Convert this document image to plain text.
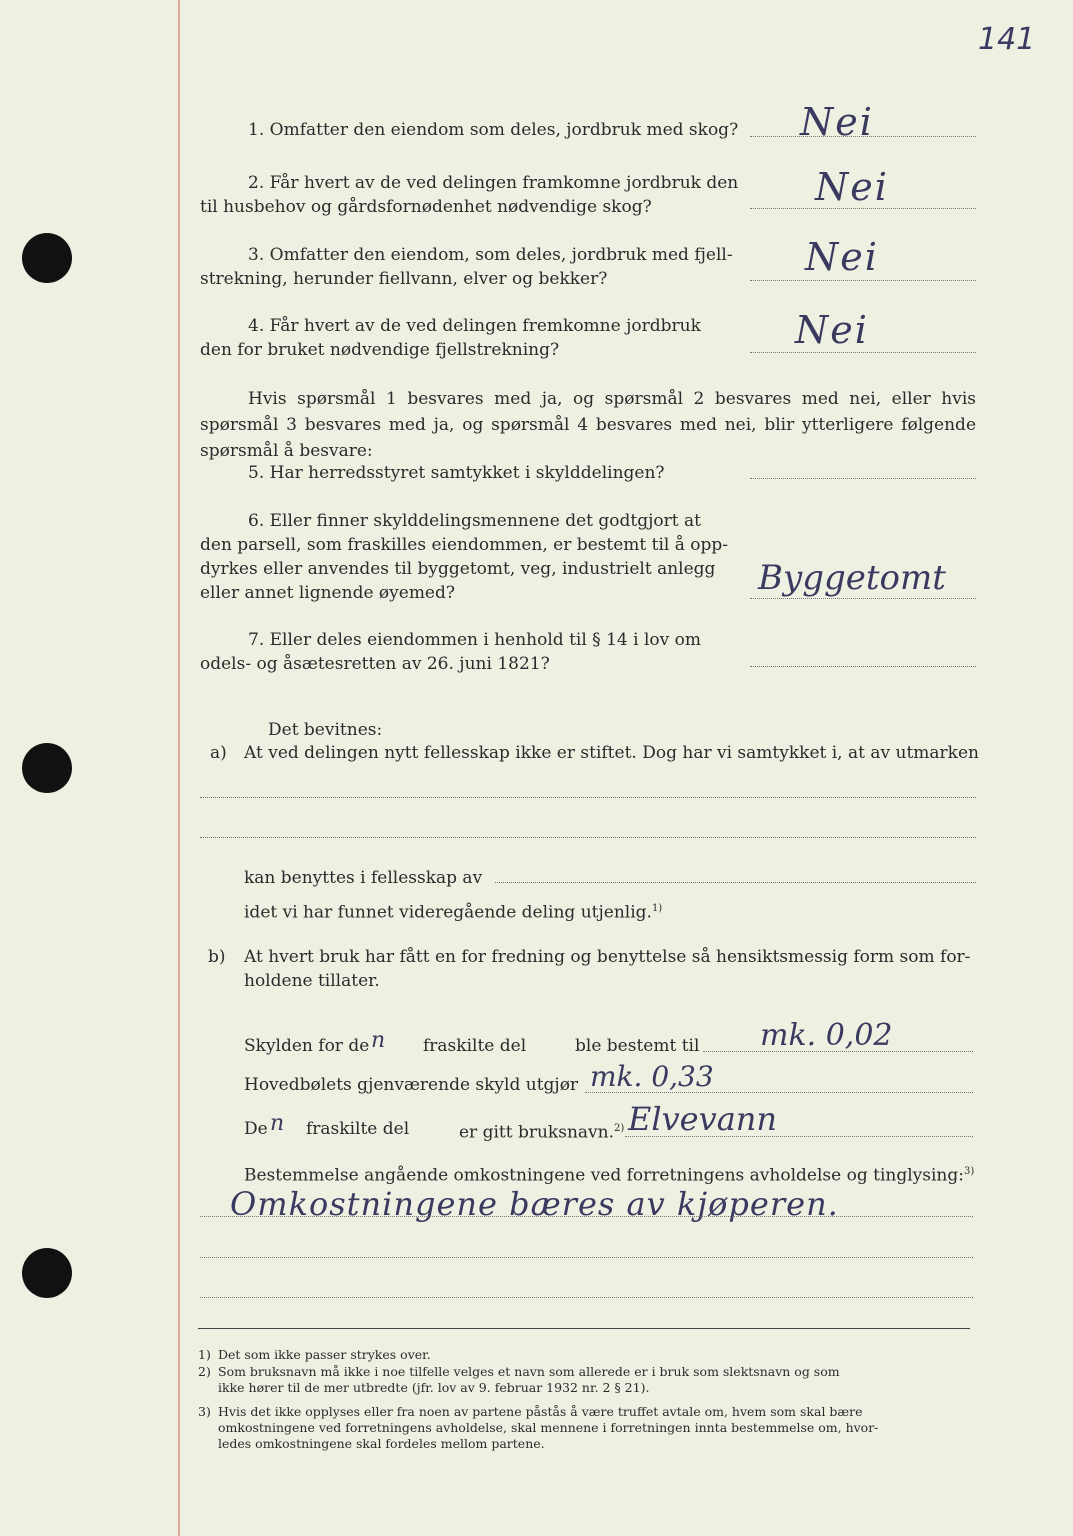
141
1. Omfatter den eiendom som deles, jordbruk med skog? Nei
2. Får hvert av de ved delingen framkomne jordbruk den
til husbehov og gårdsfornødenhet nødvendige skog?	Nei
3. Omfatter den eiendom, som deles, jordbruk med fjell-
strekning, herunder fiellvann, elver og bekker?	Nei
4. Får hvert av de ved delingen fremkomne jordbruk
den for bruket nødvendige fjellstrekning?	Nei
Hvis spørsmål 1 besvares med ja, og spørsmål 2 besvares med nei, eller hvis spørsmål 3 besvares med ja, og spørsmål 4 besvares med nei, blir ytterligere følgende spørsmål å besvare:
5. Har herredsstyret samtykket i skylddelingen?
6. Eller finner skylddelingsmennene det godtgjort at
den parsell, som fraskilles eiendommen, er bestemt til å opp-
dyrkes eller anvendes til byggetomt, veg, industrielt anlegg
eller annet lignende øyemed?	Byggetomt
7. Eller deles eiendommen i henhold til § 14 i lov om
odels- og åsætesretten av 26. juni 1821?
Det bevitnes:
a) At ved delingen nytt fellesskap ikke er stiftet. Dog har vi samtykket i, at av utmarken
kan benyttes i fellesskap av
idet vi har funnet videregående deling utjenlig.$^{1)}$
b) At hvert bruk har fått en for fredning og benyttelse så hensiktsmessig form som for-
holdene tillater.
Skylden for de n fraskilte del	ble bestemt til mk. 0,02
Hovedbølets gjenværende skyld utgjør mk. 0,33
De n fraskilte del	er gitt bruksnavn.$^{2)}$ Elvevann
Bestemmelse angående omkostningene ved forretningens avholdelse og tinglysing:$^{3)}$
Omkostningene bæres av kjøperen.
1) Det som ikke passer strykes over.
2) Som bruksnavn må ikke i noe tilfelle velges et navn som allerede er i bruk som slektsnavn og som
ikke hører til de mer utbredte (jfr. lov av 9. februar 1932 nr. 2 § 21).
3) Hvis det ikke opplyses eller fra noen av partene påstås å være truffet avtale om, hvem som skal bære
omkostningene ved forretningens avholdelse, skal mennene i forretningen innta bestemmelse om, hvor-
ledes omkostningene skal fordeles mellom partene.
